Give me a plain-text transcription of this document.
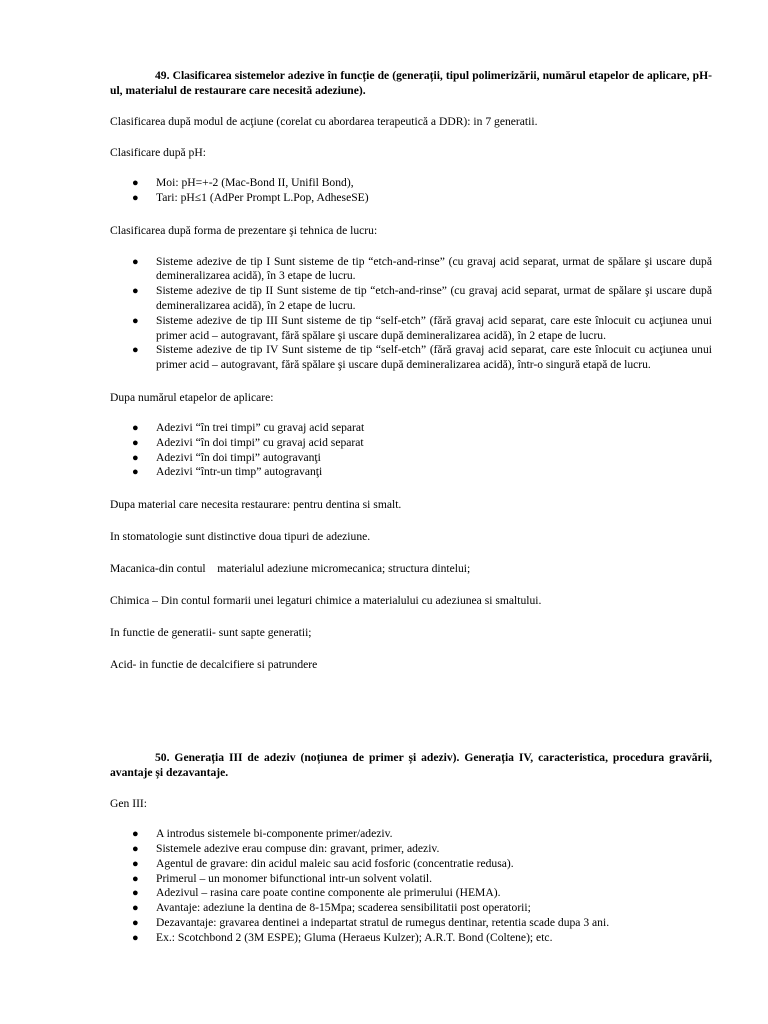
49. Clasificarea sistemelor adezive în funcție de (generații, tipul polimerizării, numărul etapelor de aplicare, pH-ul, materialul de restaurare care necesită adeziune).

Clasificarea după modul de acţiune (corelat cu abordarea terapeutică a DDR): in 7 generatii.

Clasificare după pH:

● Moi: pH=+-2 (Mac-Bond II, Unifil Bond),
● Tari: pH≤1 (AdPer Prompt L.Pop, AdheseSE)

Clasificarea după forma de prezentare şi tehnica de lucru:

● Sisteme adezive de tip I Sunt sisteme de tip “etch-and-rinse” (cu gravaj acid separat, urmat de spălare şi uscare după demineralizarea acidă), în 3 etape de lucru.
● Sisteme adezive de tip II Sunt sisteme de tip “etch-and-rinse” (cu gravaj acid separat, urmat de spălare şi uscare după demineralizarea acidă), în 2 etape de lucru.
● Sisteme adezive de tip III Sunt sisteme de tip “self-etch” (fără gravaj acid separat, care este înlocuit cu acţiunea unui primer acid – autogravant, fără spălare şi uscare după demineralizarea acidă), în 2 etape de lucru.
● Sisteme adezive de tip IV Sunt sisteme de tip “self-etch” (fără gravaj acid separat, care este înlocuit cu acţiunea unui primer acid – autogravant, fără spălare şi uscare după demineralizarea acidă), într-o singură etapă de lucru.

Dupa numărul etapelor de aplicare:

● Adezivi “în trei timpi” cu gravaj acid separat
● Adezivi “în doi timpi” cu gravaj acid separat
● Adezivi “în doi timpi” autogravanţi
● Adezivi “într-un timp” autogravanţi

Dupa material care necesita restaurare: pentru dentina si smalt.

In stomatologie sunt distinctive doua tipuri de adeziune.

Macanica-din contul    materialul adeziune micromecanica; structura dintelui;

Chimica – Din contul formarii unei legaturi chimice a materialului cu adeziunea si smaltului.

In functie de generatii- sunt sapte generatii;

Acid- in functie de decalcifiere si patrundere

50. Generația III de adeziv (noțiunea de primer și adeziv). Generația IV, caracteristica, procedura gravării, avantaje și dezavantaje.

Gen III:

● A introdus sistemele bi-componente primer/adeziv.
● Sistemele adezive erau compuse din: gravant, primer, adeziv.
● Agentul de gravare: din acidul maleic sau acid fosforic (concentratie redusa).
● Primerul – un monomer bifunctional intr-un solvent volatil.
● Adezivul – rasina care poate contine componente ale primerului (HEMA).
● Avantaje: adeziune la dentina de 8-15Mpa; scaderea sensibilitatii post operatorii;
● Dezavantaje: gravarea dentinei a indepartat stratul de rumegus dentinar, retentia scade dupa 3 ani.
● Ex.: Scotchbond 2 (3M ESPE); Gluma (Heraeus Kulzer); A.R.T. Bond (Coltene); etc.
